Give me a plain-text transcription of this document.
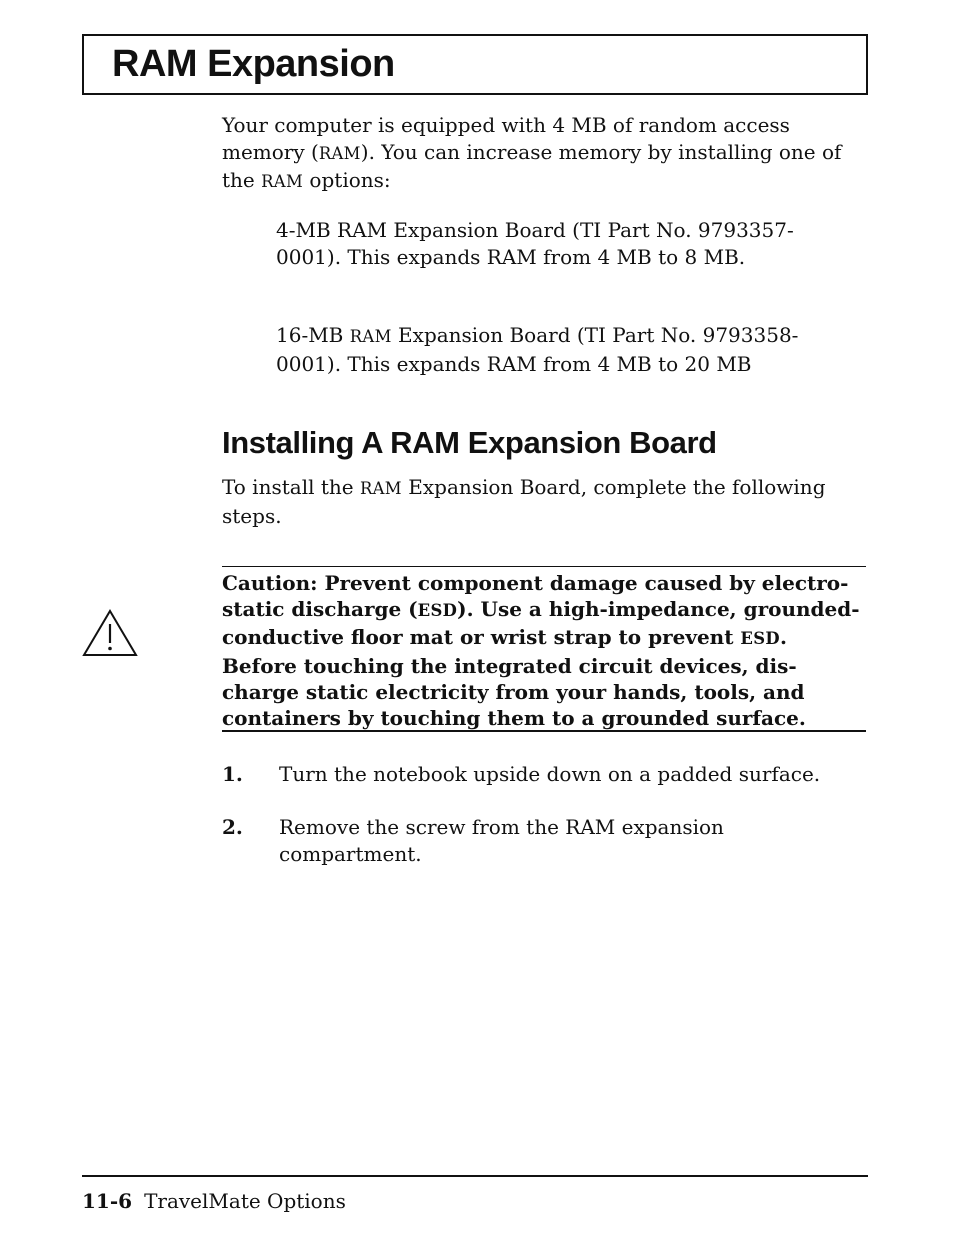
RAM Expansion

Your computer is equipped with 4 MB of random access memory (RAM). You can increase memory by installing one of the RAM options:

4-MB RAM Expansion Board (TI Part No. 9793357-0001). This expands RAM from 4 MB to 8 MB.

16-MB RAM Expansion Board (TI Part No. 9793358-0001). This expands RAM from 4 MB to 20 MB

Installing A RAM Expansion Board

To install the RAM Expansion Board, complete the following steps.

Caution: Prevent component damage caused by electro-static discharge (ESD). Use a high-impedance, grounded-conductive floor mat or wrist strap to prevent ESD. Before touching the integrated circuit devices, dis-charge static electricity from your hands, tools, and containers by touching them to a grounded surface.

1. Turn the notebook upside down on a padded surface.
2. Remove the screw from the RAM expansion compartment.

11-6 TravelMate Options
